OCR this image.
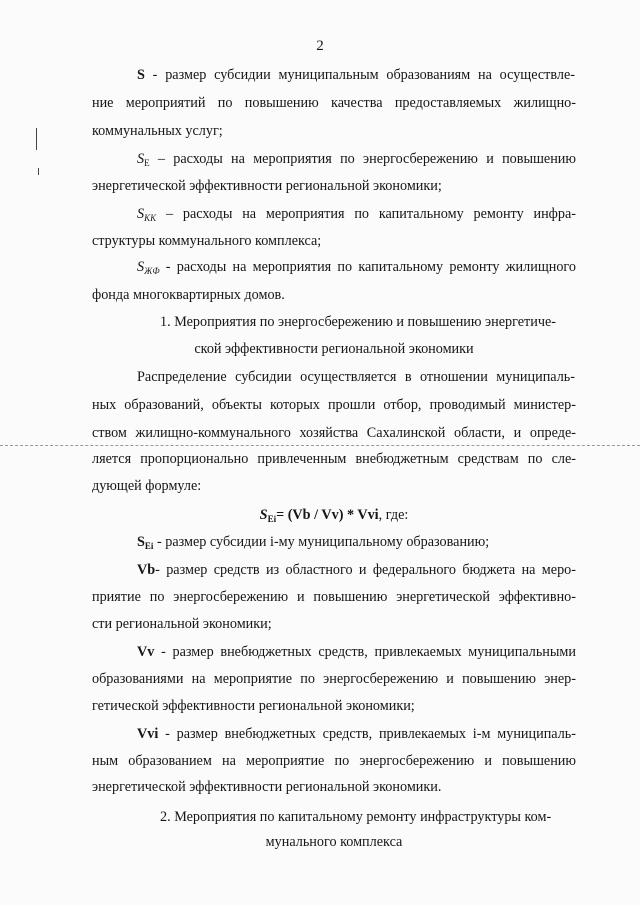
2
S - размер субсидии муниципальным образованиям на осуществле-
ние мероприятий по повышению качества предоставляемых жилищно-
коммунальных услуг;
$S_E$ – расходы на мероприятия по энергосбережению и повышению
энергетической эффективности региональной экономики;
$S_{KK}$ – расходы на мероприятия по капитальному ремонту инфра-
структуры коммунального комплекса;
$S_{ЖФ}$ - расходы на мероприятия по капитальному ремонту жилищного
фонда многоквартирных домов.
1. Мероприятия по энергосбережению и повышению энергетиче-
ской эффективности региональной экономики
Распределение субсидии осуществляется в отношении муниципаль-
ных образований, объекты которых прошли отбор, проводимый министер-
ством жилищно-коммунального хозяйства Сахалинской области, и опреде-
ляется пропорционально привлеченным внебюджетным средствам по сле-
дующей формуле:
$S_{Ei}= (Vb / Vv)$ * Vvi, где:
$S_{Ei}$ - размер субсидии i-му муниципальному образованию;
Vb- размер средств из областного и федерального бюджета на меро-
приятие по энергосбережению и повышению энергетической эффективно-
сти региональной экономики;
Vv - размер внебюджетных средств, привлекаемых муниципальными
образованиями на мероприятие по энергосбережению и повышению энер-
гетической эффективности региональной экономики;
Vvi - размер внебюджетных средств, привлекаемых i-м муниципаль-
ным образованием на мероприятие по энергосбережению и повышению
энергетической эффективности региональной экономики.
2. Мероприятия по капитальному ремонту инфраструктуры ком-
мунального комплекса
